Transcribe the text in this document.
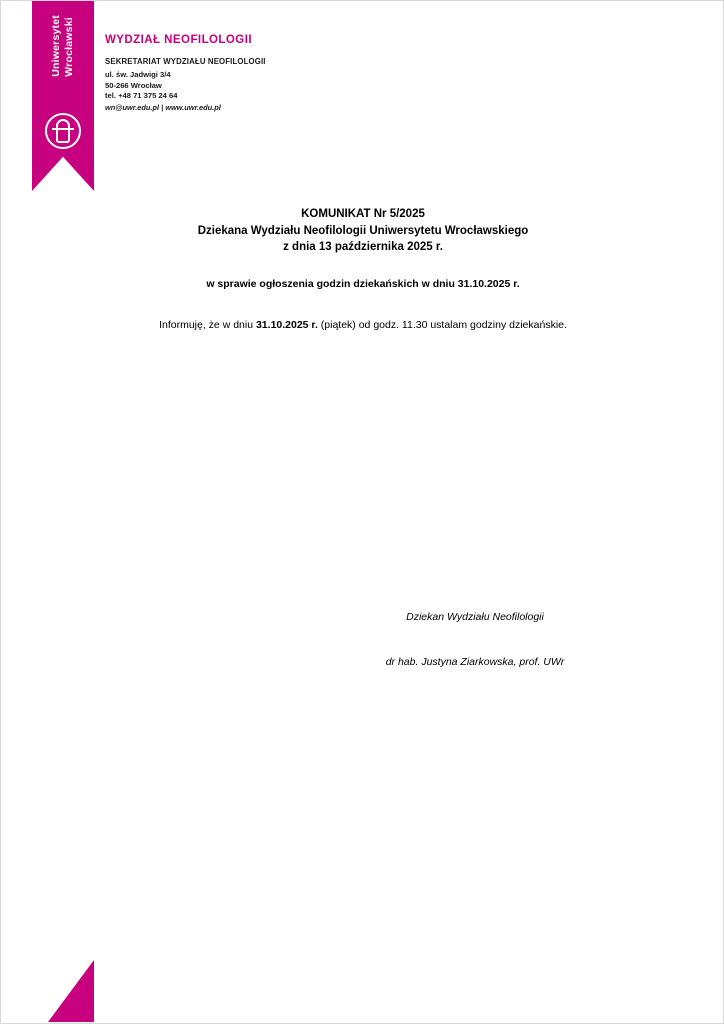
Uniwersytet
Wrocławski	WYDZIAŁ NEOFILOLOGII
SEKRETARIAT WYDZIAŁU NEOFILOLOGII
ul. św. Jadwigi 3/4
50-266 Wrocław
tel. +48 71 375 24 64
wn@uwr.edu.pl | www.uwr.edu.pl
KOMUNIKAT Nr 5/2025
Dziekana Wydziału Neofilologii Uniwersytetu Wrocławskiego
z dnia 13 października 2025 r.
w sprawie ogłoszenia godzin dziekańskich w dniu 31.10.2025 r.
Informuję, że w dniu 31.10.2025 r. (piątek) od godz. 11.30 ustalam godziny dziekańskie.
Dziekan Wydziału Neofilologii
dr hab. Justyna Ziarkowska, prof. UWr
